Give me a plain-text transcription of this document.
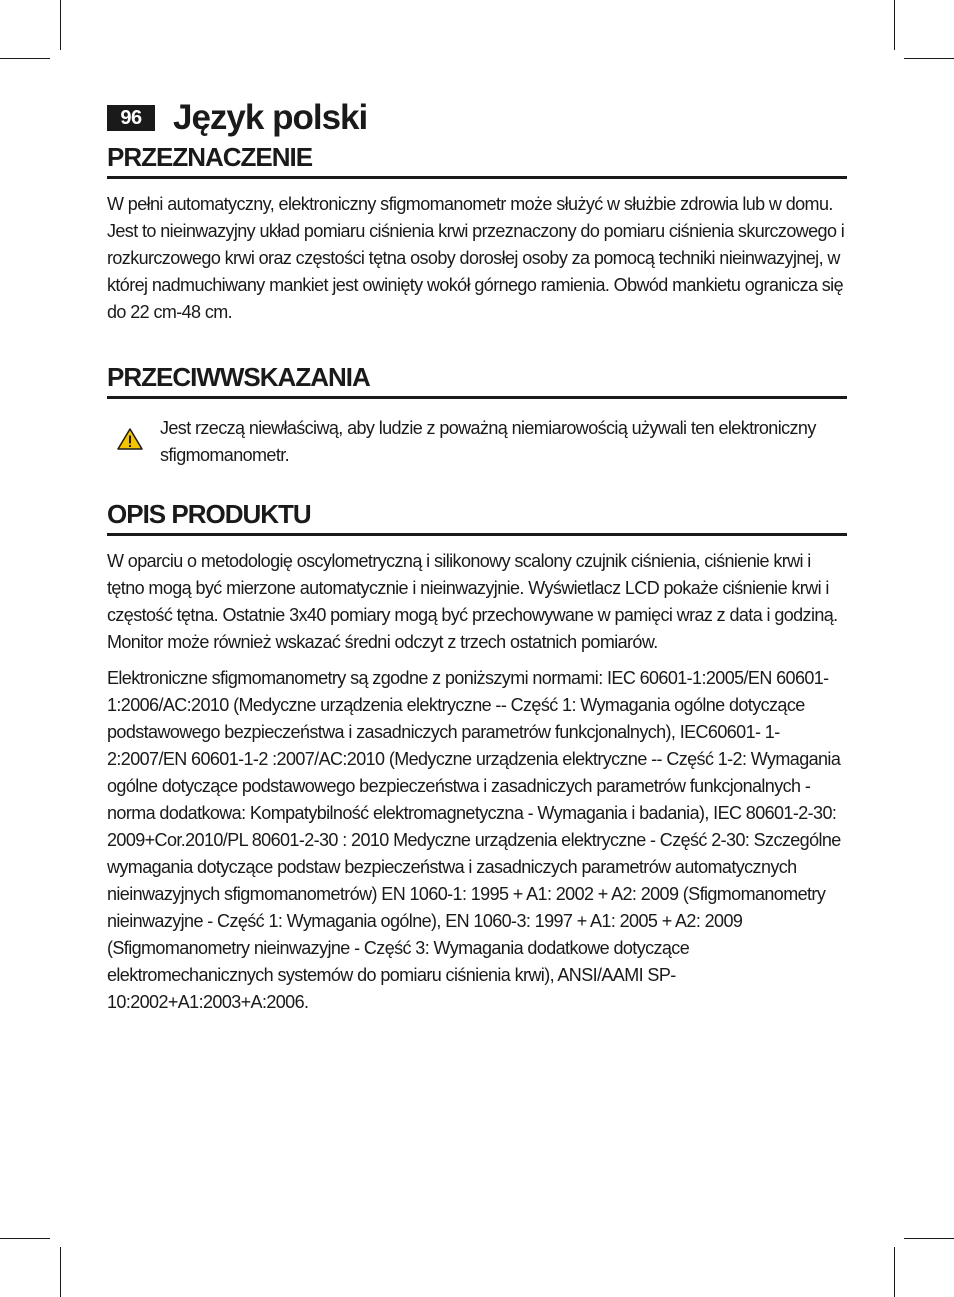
96 Język polski
PRZEZNACZENIE

W pełni automatyczny, elektroniczny sfigmomanometr może służyć w służbie zdrowia lub w domu. Jest to nieinwazyjny układ pomiaru ciśnienia krwi przeznaczony do pomiaru ciśnienia skurczowego i rozkurczowego krwi oraz częstości tętna osoby dorosłej osoby za pomocą techniki nieinwazyjnej, w której nadmuchiwany mankiet jest owinięty wokół górnego ramienia. Obwód mankietu ogranicza się do 22 cm-48 cm.

PRZECIWWSKAZANIA
Jest rzeczą niewłaściwą, aby ludzie z poważną niemiarowością używali ten elektroniczny sfigmomanometr.
OPIS PRODUKTU

W oparciu o metodologię oscylometryczną i silikonowy scalony czujnik ciśnienia, ciśnienie krwi i tętno mogą być mierzone automatycznie i nieinwazyjnie. Wyświetlacz LCD pokaże ciśnienie krwi i częstość tętna. Ostatnie 3x40 pomiary mogą być przechowywane w pamięci wraz z data i godziną. Monitor może również wskazać średni odczyt z trzech ostatnich pomiarów.

Elektroniczne sfigmomanometry są zgodne z poniższymi normami: IEC 60601-1:2005/EN 60601-1:2006/AC:2010 (Medyczne urządzenia elektryczne -- Część 1: Wymagania ogólne dotyczące podstawowego bezpieczeństwa i zasadniczych parametrów funkcjonalnych), IEC60601- 1-2:2007/EN 60601-1-2 :2007/AC:2010 (Medyczne urządzenia elektryczne -- Część 1-2: Wymagania ogólne dotyczące podstawowego bezpieczeństwa i zasadniczych parametrów funkcjonalnych - norma dodatkowa: Kompatybilność elektromagnetyczna - Wymagania i badania), IEC 80601-2-30: 2009+Cor.2010/PL 80601-2-30 : 2010 Medyczne urządzenia elektryczne - Część 2-30: Szczególne wymagania dotyczące podstaw bezpieczeństwa i zasadniczych parametrów automatycznych nieinwazyjnych sfigmomanometrów) EN 1060-1: 1995 + A1: 2002 + A2: 2009 (Sfigmomanometry nieinwazyjne - Część 1: Wymagania ogólne), EN 1060-3: 1997 + A1: 2005 + A2: 2009 (Sfigmomanometry nieinwazyjne - Część 3: Wymagania dodatkowe dotyczące elektromechanicznych systemów do pomiaru ciśnienia krwi), ANSI/AAMI SP-10:2002+A1:2003+A:2006.
